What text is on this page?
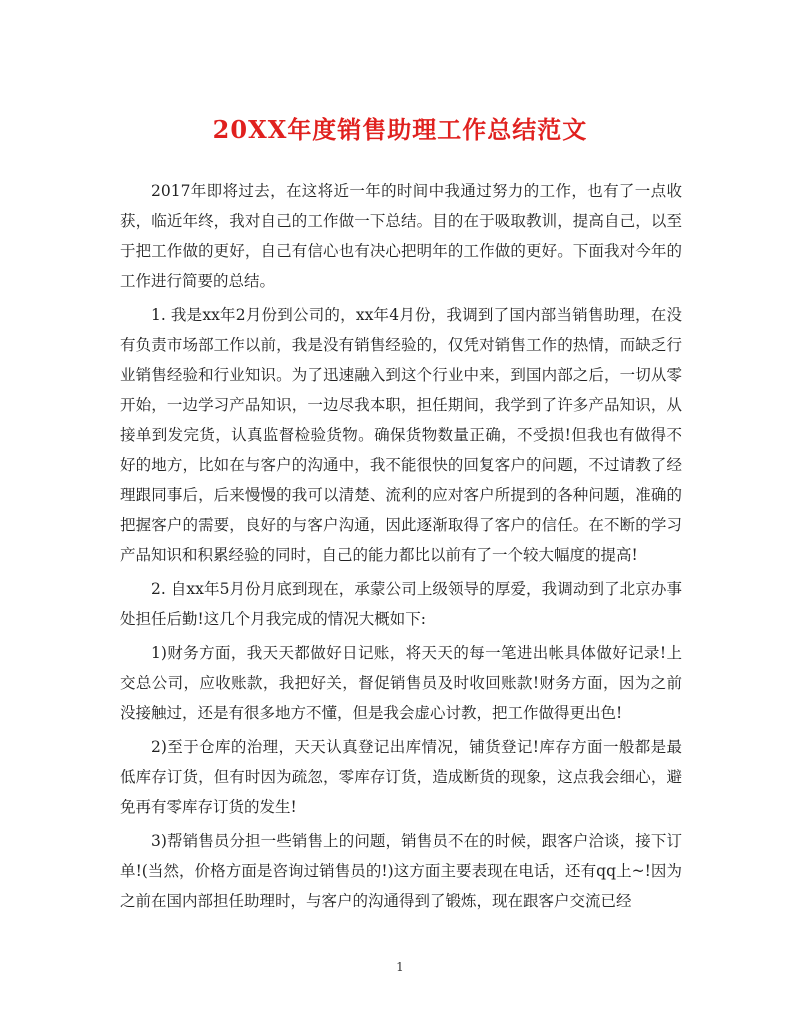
20XX年度销售助理工作总结范文

2017年即将过去，在这将近一年的时间中我通过努力的工作，也有了一点收获，临近年终，我对自己的工作做一下总结。目的在于吸取教训，提高自己，以至于把工作做的更好，自己有信心也有决心把明年的工作做的更好。下面我对今年的工作进行简要的总结。

1. 我是xx年2月份到公司的，xx年4月份，我调到了国内部当销售助理，在没有负责市场部工作以前，我是没有销售经验的，仅凭对销售工作的热情，而缺乏行业销售经验和行业知识。为了迅速融入到这个行业中来，到国内部之后，一切从零开始，一边学习产品知识，一边尽我本职，担任期间，我学到了许多产品知识，从接单到发完货，认真监督检验货物。确保货物数量正确，不受损!但我也有做得不好的地方，比如在与客户的沟通中，我不能很快的回复客户的问题，不过请教了经理跟同事后，后来慢慢的我可以清楚、流利的应对客户所提到的各种问题，准确的把握客户的需要，良好的与客户沟通，因此逐渐取得了客户的信任。在不断的学习产品知识和积累经验的同时，自己的能力都比以前有了一个较大幅度的提高!

2. 自xx年5月份月底到现在，承蒙公司上级领导的厚爱，我调动到了北京办事处担任后勤!这几个月我完成的情况大概如下:

1)财务方面，我天天都做好日记账，将天天的每一笔进出帐具体做好记录!上交总公司，应收账款，我把好关，督促销售员及时收回账款!财务方面，因为之前没接触过，还是有很多地方不懂，但是我会虚心讨教，把工作做得更出色!

2)至于仓库的治理，天天认真登记出库情况，铺货登记!库存方面一般都是最低库存订货，但有时因为疏忽，零库存订货，造成断货的现象，这点我会细心，避免再有零库存订货的发生!

3)帮销售员分担一些销售上的问题，销售员不在的时候，跟客户洽谈，接下订单!(当然，价格方面是咨询过销售员的!)这方面主要表现在电话，还有qq上~!因为之前在国内部担任助理时，与客户的沟通得到了锻炼，现在跟客户交流已经

1
